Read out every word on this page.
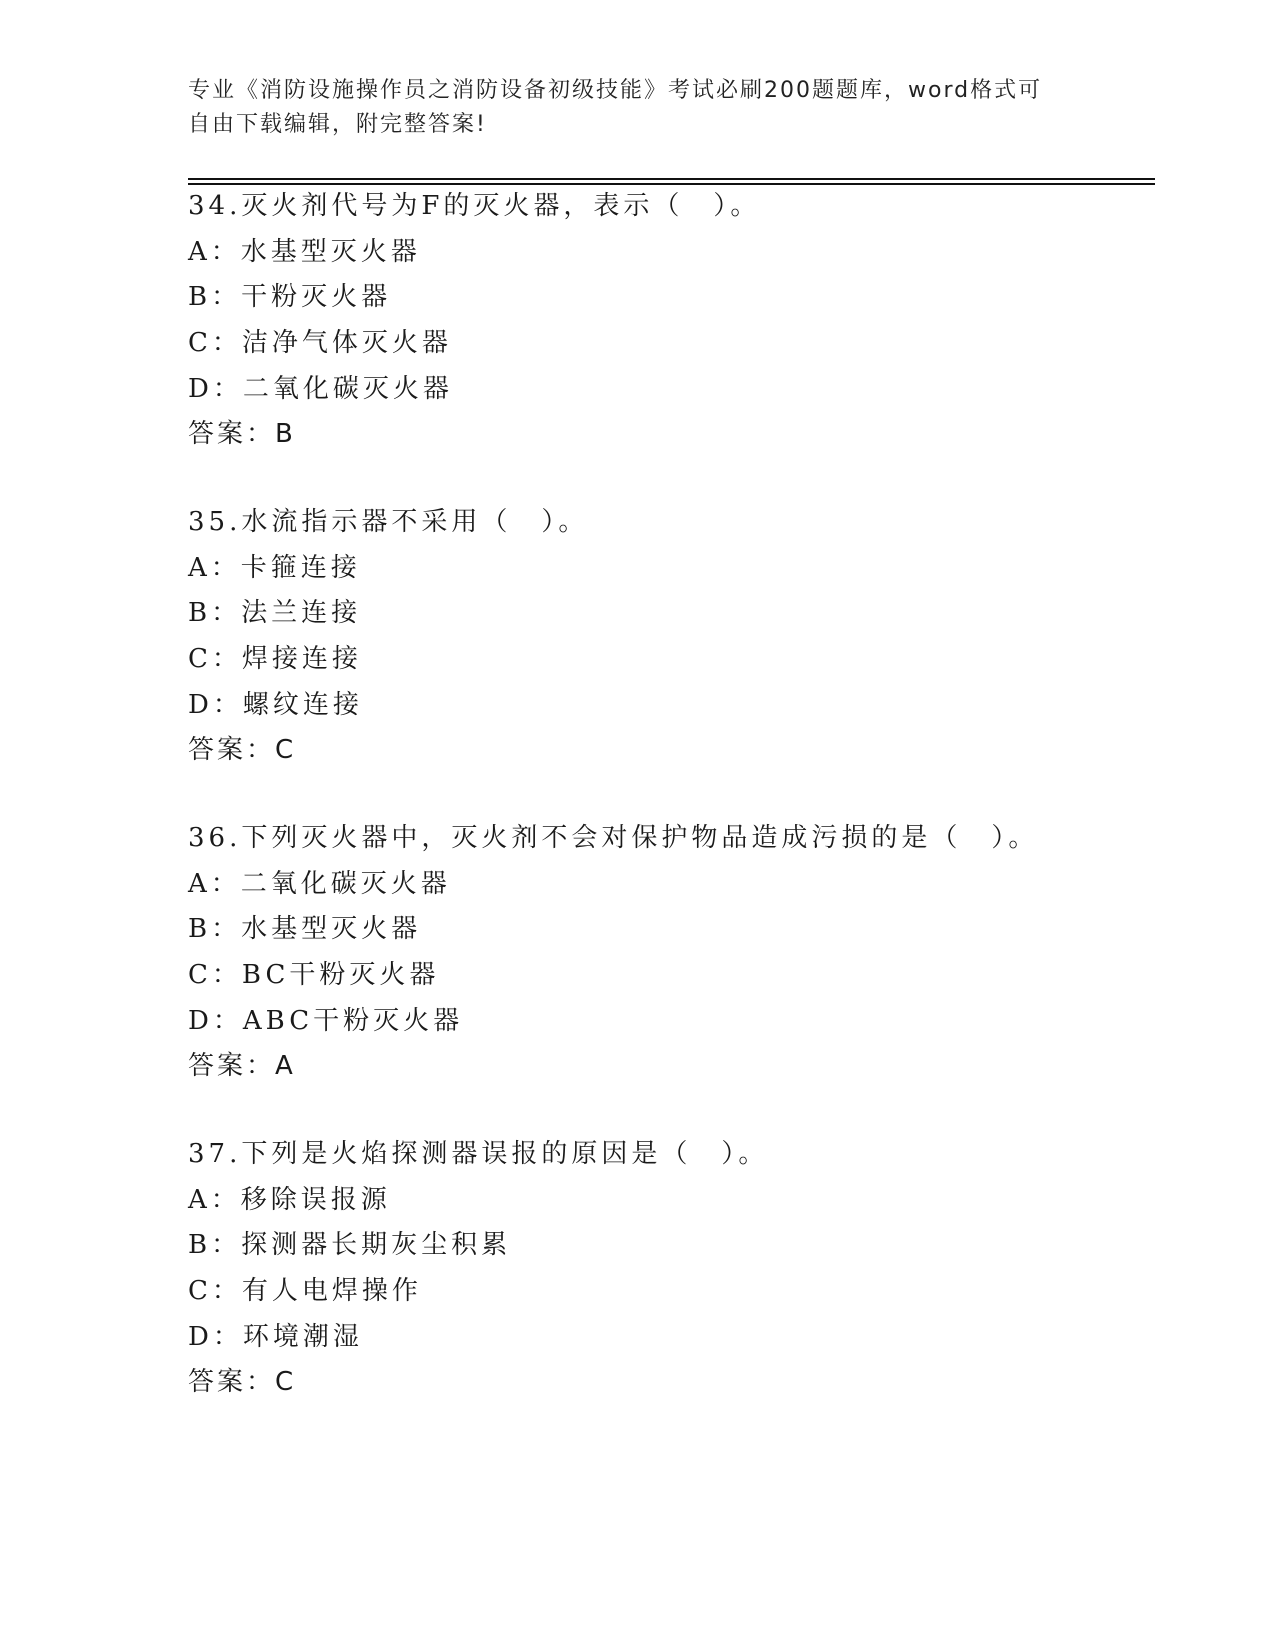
专业《消防设施操作员之消防设备初级技能》考试必刷200题题库，word格式可
自由下载编辑，附完整答案!
34.灭火剂代号为F的灭火器，表示（　）。
A：水基型灭火器
B：干粉灭火器
C：洁净气体灭火器
D：二氧化碳灭火器
答案：B
35.水流指示器不采用（　）。
A：卡箍连接
B：法兰连接
C：焊接连接
D：螺纹连接
答案：C
36.下列灭火器中，灭火剂不会对保护物品造成污损的是（　）。
A：二氧化碳灭火器
B：水基型灭火器
C：BC干粉灭火器
D：ABC干粉灭火器
答案：A
37.下列是火焰探测器误报的原因是（　）。
A：移除误报源
B：探测器长期灰尘积累
C：有人电焊操作
D：环境潮湿
答案：C
